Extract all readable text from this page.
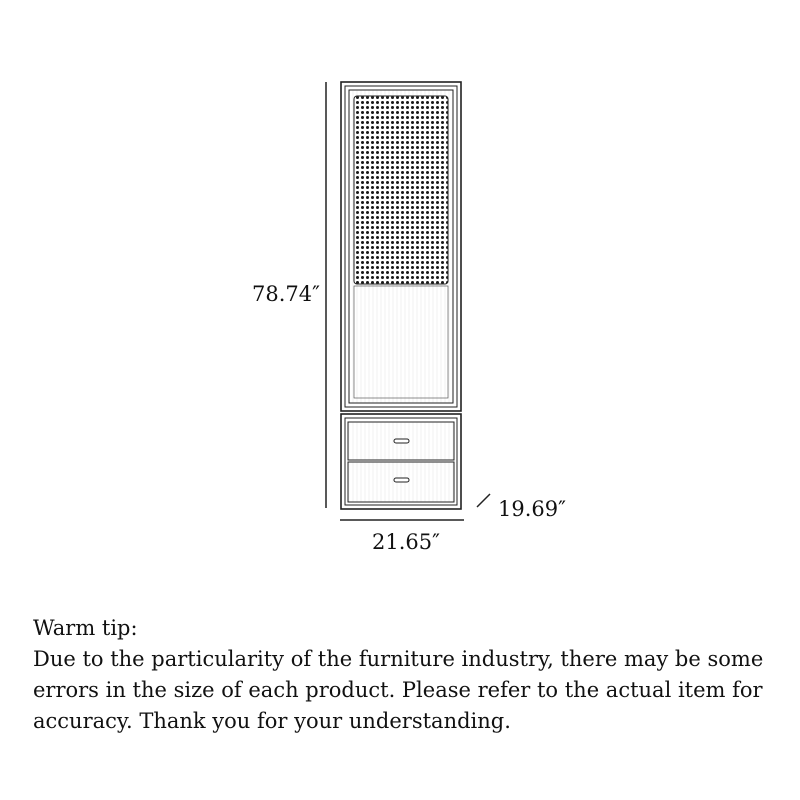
78.74″
21.65″
19.69″
Warm tip:
Due to the particularity of the furniture industry, there may be some
errors in the size of each product. Please refer to the actual item for
accuracy. Thank you for your understanding.
